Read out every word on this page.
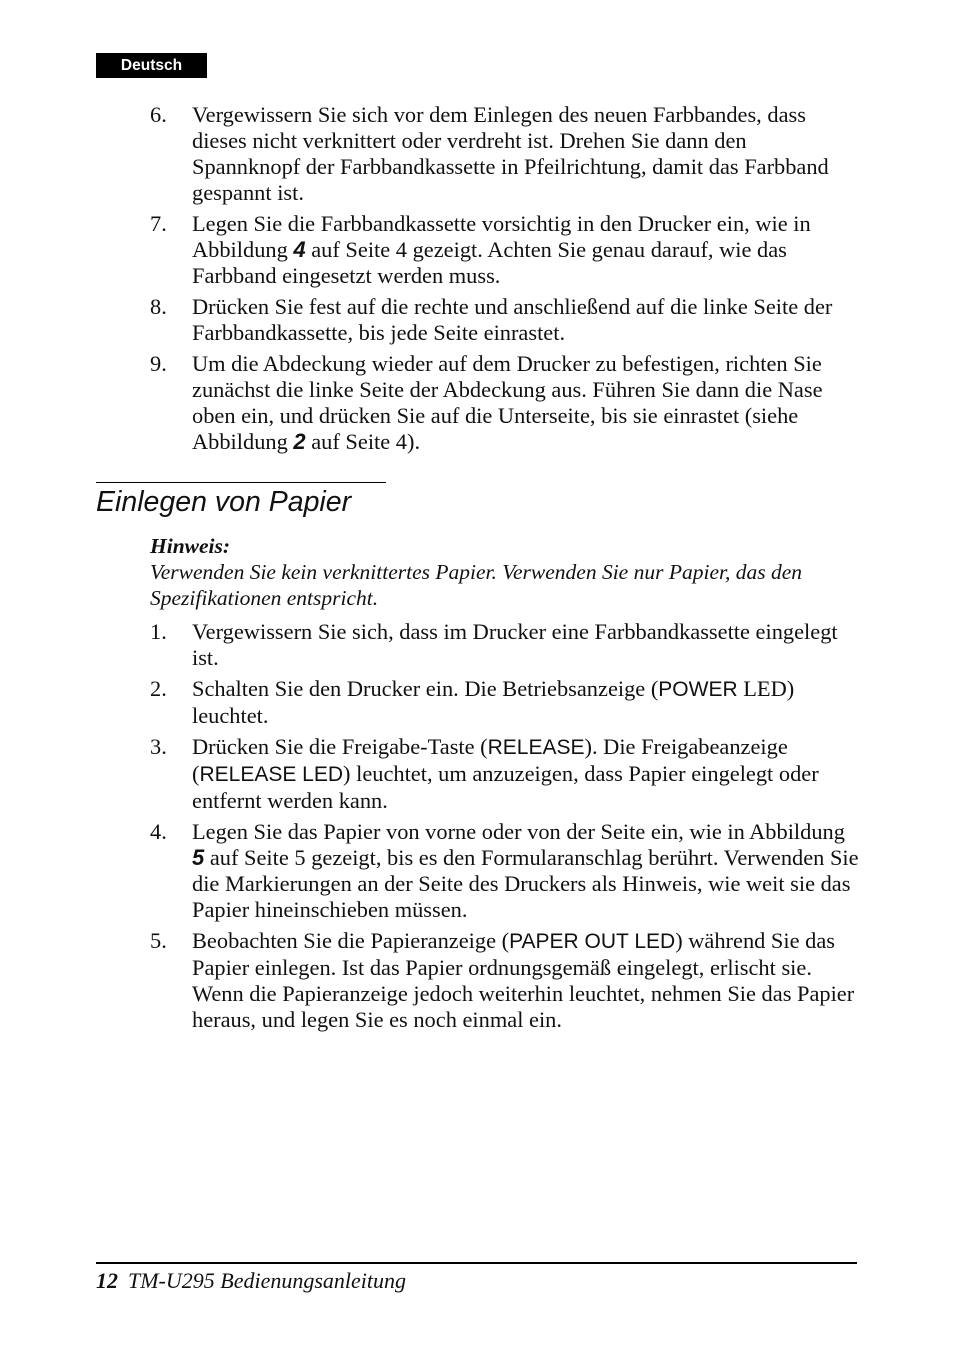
Deutsch
6. Vergewissern Sie sich vor dem Einlegen des neuen Farbbandes, dass dieses nicht verknittert oder verdreht ist. Drehen Sie dann den Spannknopf der Farbbandkassette in Pfeilrichtung, damit das Farbband gespannt ist.
7. Legen Sie die Farbbandkassette vorsichtig in den Drucker ein, wie in Abbildung 4 auf Seite 4 gezeigt. Achten Sie genau darauf, wie das Farbband eingesetzt werden muss.
8. Drücken Sie fest auf die rechte und anschließend auf die linke Seite der Farbbandkassette, bis jede Seite einrastet.
9. Um die Abdeckung wieder auf dem Drucker zu befestigen, richten Sie zunächst die linke Seite der Abdeckung aus. Führen Sie dann die Nase oben ein, und drücken Sie auf die Unterseite, bis sie einrastet (siehe Abbildung 2 auf Seite 4).
Einlegen von Papier
Hinweis:
Verwenden Sie kein verknittertes Papier. Verwenden Sie nur Papier, das den Spezifikationen entspricht.
1. Vergewissern Sie sich, dass im Drucker eine Farbbandkassette eingelegt ist.
2. Schalten Sie den Drucker ein. Die Betriebsanzeige (POWER LED) leuchtet.
3. Drücken Sie die Freigabe-Taste (RELEASE). Die Freigabeanzeige (RELEASE LED) leuchtet, um anzuzeigen, dass Papier eingelegt oder entfernt werden kann.
4. Legen Sie das Papier von vorne oder von der Seite ein, wie in Abbildung 5 auf Seite 5 gezeigt, bis es den Formularanschlag berührt. Verwenden Sie die Markierungen an der Seite des Druckers als Hinweis, wie weit sie das Papier hineinschieben müssen.
5. Beobachten Sie die Papieranzeige (PAPER OUT LED) während Sie das Papier einlegen. Ist das Papier ordnungsgemäß eingelegt, erlischt sie. Wenn die Papieranzeige jedoch weiterhin leuchtet, nehmen Sie das Papier heraus, und legen Sie es noch einmal ein.
12 TM-U295 Bedienungsanleitung
